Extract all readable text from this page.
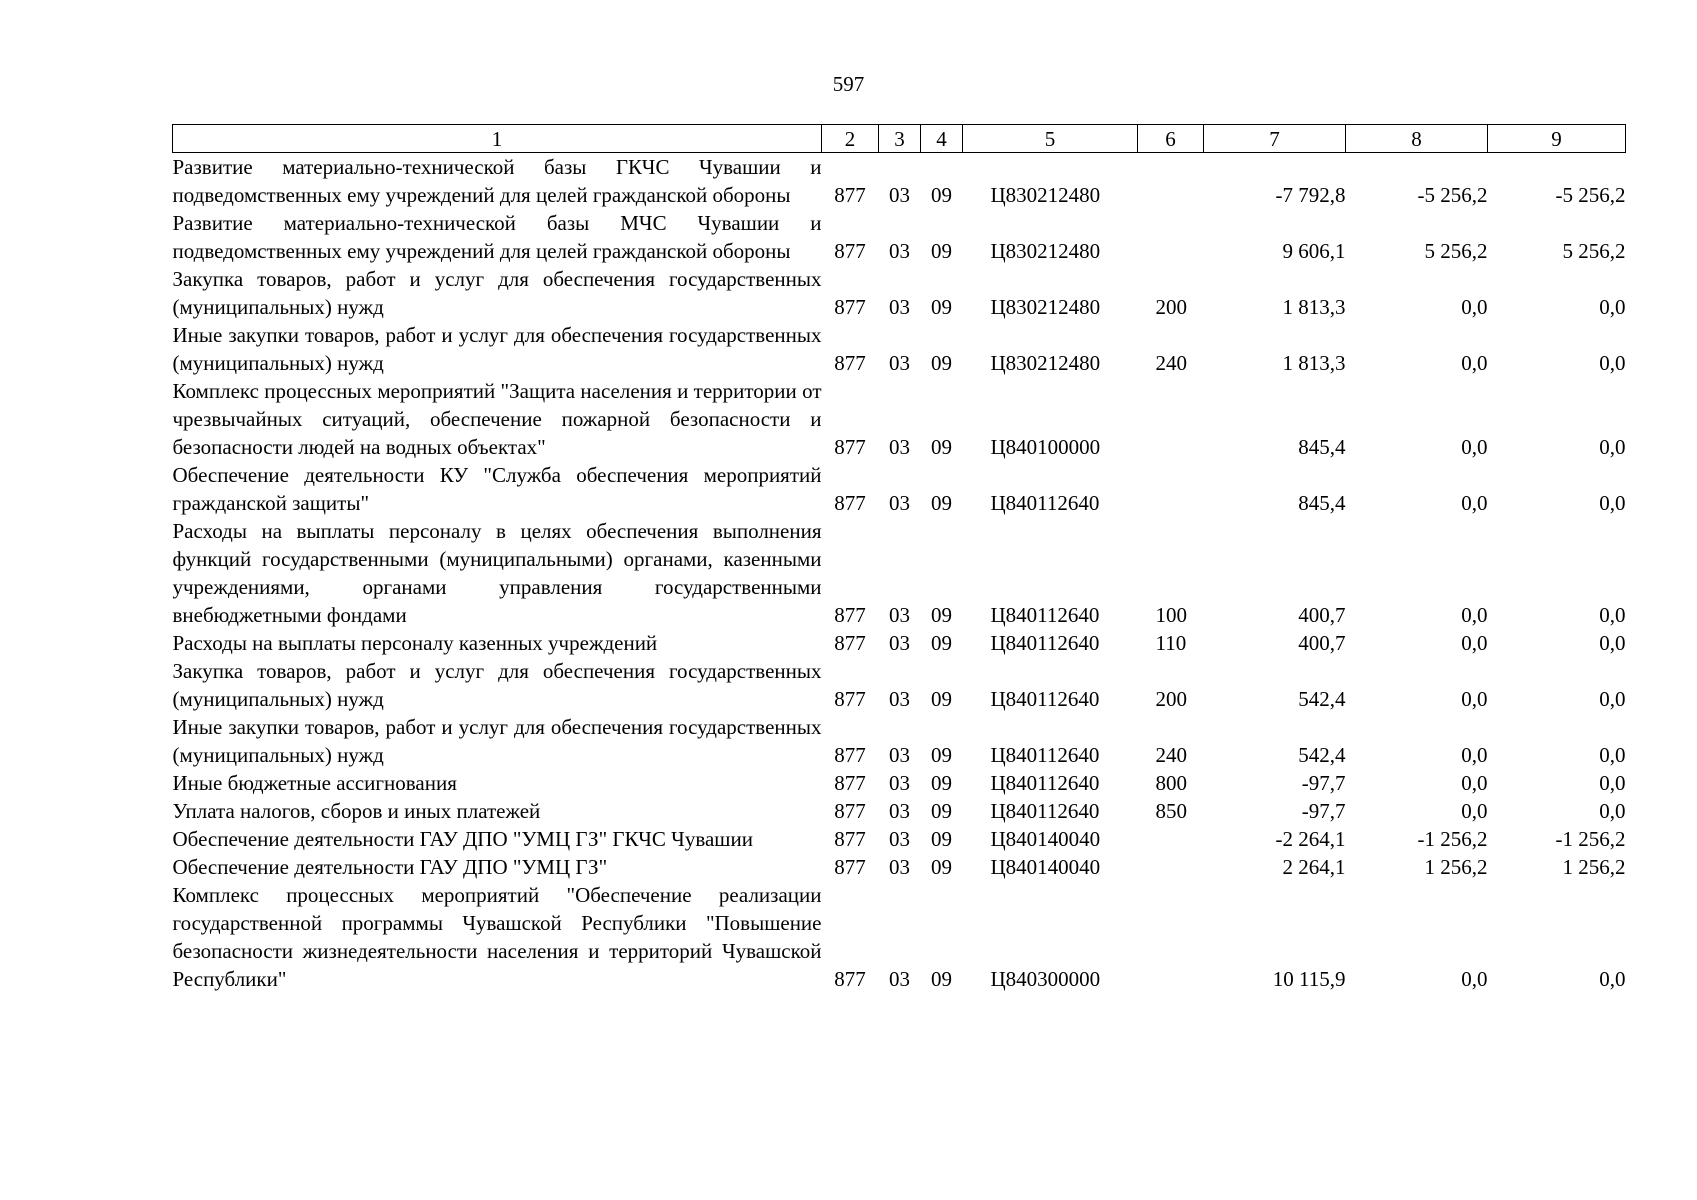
597
1	2	3	4	5	6	7	8	9
Развитие материально-технической базы ГКЧС Чувашии и подведомственных ему учреждений для целей гражданской обороны	877	03	09	Ц830212480		-7 792,8	-5 256,2	-5 256,2
Развитие материально-технической базы МЧС Чувашии и подведомственных ему учреждений для целей гражданской обороны	877	03	09	Ц830212480		9 606,1	5 256,2	5 256,2
Закупка товаров, работ и услуг для обеспечения государственных (муниципальных) нужд	877	03	09	Ц830212480	200	1 813,3	0,0	0,0
Иные закупки товаров, работ и услуг для обеспечения государственных (муниципальных) нужд	877	03	09	Ц830212480	240	1 813,3	0,0	0,0
Комплекс процессных мероприятий "Защита населения и территории от чрезвычайных ситуаций, обеспечение пожарной безопасности и безопасности людей на водных объектах"	877	03	09	Ц840100000		845,4	0,0	0,0
Обеспечение деятельности КУ "Служба обеспечения мероприятий гражданской защиты"	877	03	09	Ц840112640		845,4	0,0	0,0
Расходы на выплаты персоналу в целях обеспечения выполнения функций государственными (муниципальными) органами, казенными учреждениями, органами управления государственными внебюджетными фондами	877	03	09	Ц840112640	100	400,7	0,0	0,0
Расходы на выплаты персоналу казенных учреждений	877	03	09	Ц840112640	110	400,7	0,0	0,0
Закупка товаров, работ и услуг для обеспечения государственных (муниципальных) нужд	877	03	09	Ц840112640	200	542,4	0,0	0,0
Иные закупки товаров, работ и услуг для обеспечения государственных (муниципальных) нужд	877	03	09	Ц840112640	240	542,4	0,0	0,0
Иные бюджетные ассигнования	877	03	09	Ц840112640	800	-97,7	0,0	0,0
Уплата налогов, сборов и иных платежей	877	03	09	Ц840112640	850	-97,7	0,0	0,0
Обеспечение деятельности ГАУ ДПО "УМЦ ГЗ" ГКЧС Чувашии	877	03	09	Ц840140040		-2 264,1	-1 256,2	-1 256,2
Обеспечение деятельности ГАУ ДПО "УМЦ ГЗ"	877	03	09	Ц840140040		2 264,1	1 256,2	1 256,2
Комплекс процессных мероприятий "Обеспечение реализации государственной программы Чувашской Республики "Повышение безопасности жизнедеятельности населения и территорий Чувашской Республики"	877	03	09	Ц840300000		10 115,9	0,0	0,0
